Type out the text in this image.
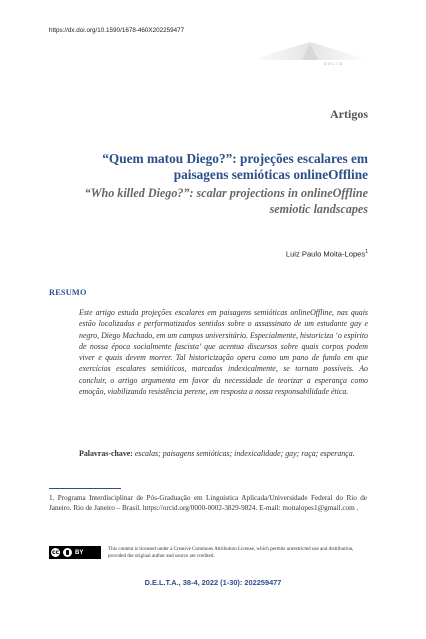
https://dx.doi.org/10.1590/1678-460X202259477
DELTA
Artigos
“Quem matou Diego?”: projeções escalares em paisagens semióticas onlineOffline
“Who killed Diego?”: scalar projections in onlineOffline semiotic landscapes
Luiz Paulo Moita-Lopes$^1$
RESUMO

Este artigo estuda projeções escalares em paisagens semióticas onlineOffline, nas quais estão localizados e performatizados sentidos sobre o assassinato de um estudante gay e negro, Diego Machado, em um campus universitário. Especialmente, historiciza ‘o espírito de nossa época socialmente fascista’ que acentua discursos sobre quais corpos podem viver e quais devem morrer. Tal historicização opera como um pano de fundo em que exercícios escalares semióticos, marcados indexicalmente, se tornam possíveis. Ao concluir, o artigo argumenta em favor da necessidade de teorizar a esperança como emoção, viabilizando resistência perene, em resposta a nossa responsabilidade ética.

Palavras-chave: escalas; paisagens semióticas; indexicalidade; gay; raça; esperança.

1. Programa Interdisciplinar de Pós-Graduação em Linguística Aplicada/Universidade Federal do Rio de Janeiro. Rio de Janeiro – Brasil. https://orcid.org/0000-0002-3829-9824. E-mail: moitalopes1@gmail.com .

cc	BY

This content is licensed under a Creative Commons Attribution License, which permits unrestricted use and distribution, provided the original author and source are credited.

D.E.L.T.A., 38-4, 2022 (1-30): 202259477
